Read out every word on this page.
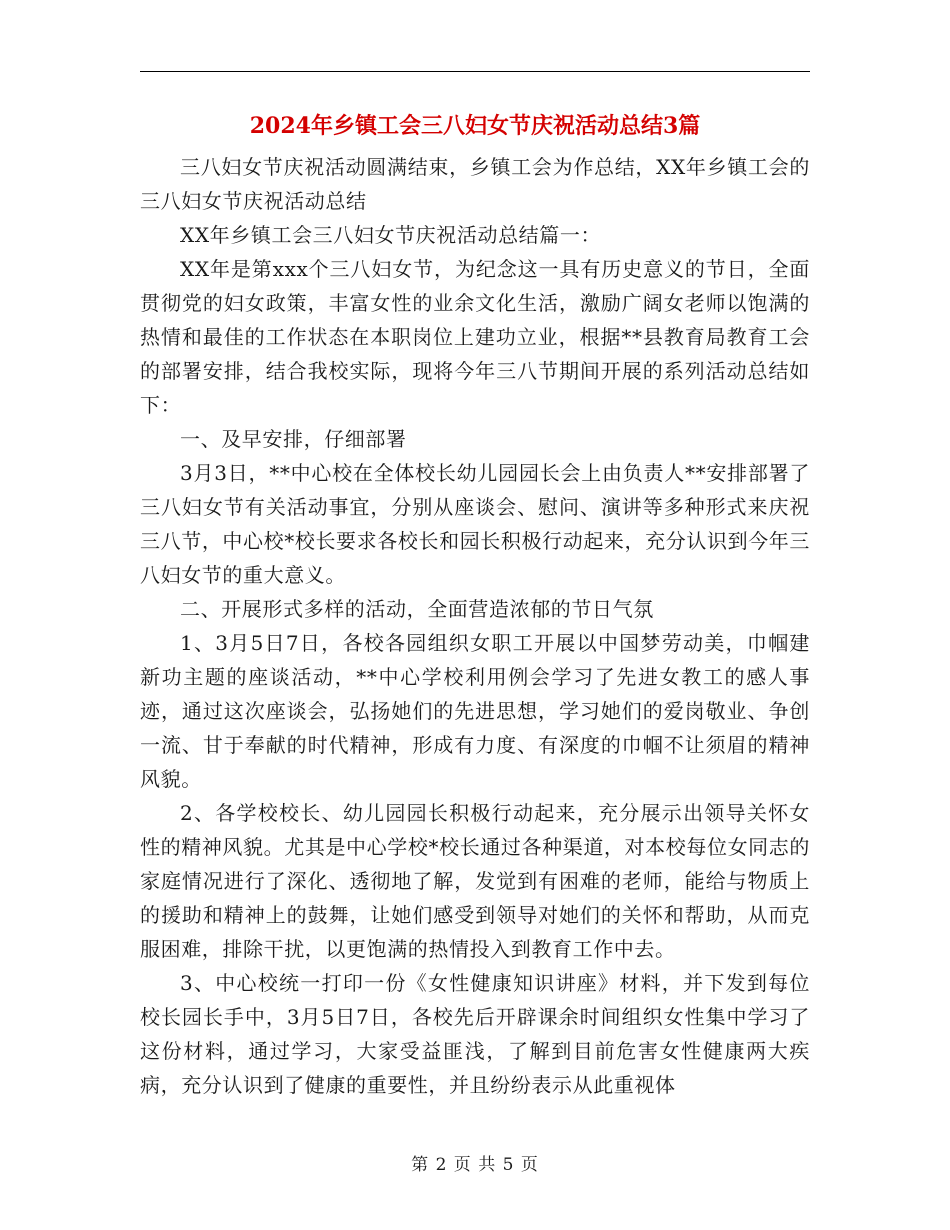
2024年乡镇工会三八妇女节庆祝活动总结3篇

三八妇女节庆祝活动圆满结束，乡镇工会为作总结，XX年乡镇工会的三八妇女节庆祝活动总结

XX年乡镇工会三八妇女节庆祝活动总结篇一：

XX年是第xxx个三八妇女节，为纪念这一具有历史意义的节日，全面贯彻党的妇女政策，丰富女性的业余文化生活，激励广阔女老师以饱满的热情和最佳的工作状态在本职岗位上建功立业，根据**县教育局教育工会的部署安排，结合我校实际，现将今年三八节期间开展的系列活动总结如下：

一、及早安排，仔细部署

3月3日，**中心校在全体校长幼儿园园长会上由负责人**安排部署了三八妇女节有关活动事宜，分别从座谈会、慰问、演讲等多种形式来庆祝三八节，中心校*校长要求各校长和园长积极行动起来，充分认识到今年三八妇女节的重大意义。

二、开展形式多样的活动，全面营造浓郁的节日气氛

1、3月5日7日，各校各园组织女职工开展以中国梦劳动美，巾帼建新功主题的座谈活动，**中心学校利用例会学习了先进女教工的感人事迹，通过这次座谈会，弘扬她们的先进思想，学习她们的爱岗敬业、争创一流、甘于奉献的时代精神，形成有力度、有深度的巾帼不让须眉的精神风貌。

2、各学校校长、幼儿园园长积极行动起来，充分展示出领导关怀女性的精神风貌。尤其是中心学校*校长通过各种渠道，对本校每位女同志的家庭情况进行了深化、透彻地了解，发觉到有困难的老师，能给与物质上的援助和精神上的鼓舞，让她们感受到领导对她们的关怀和帮助，从而克服困难，排除干扰，以更饱满的热情投入到教育工作中去。

3、中心校统一打印一份《女性健康知识讲座》材料，并下发到每位校长园长手中，3月5日7日，各校先后开辟课余时间组织女性集中学习了这份材料，通过学习，大家受益匪浅，了解到目前危害女性健康两大疾病，充分认识到了健康的重要性，并且纷纷表示从此重视体

第 2 页 共 5 页
